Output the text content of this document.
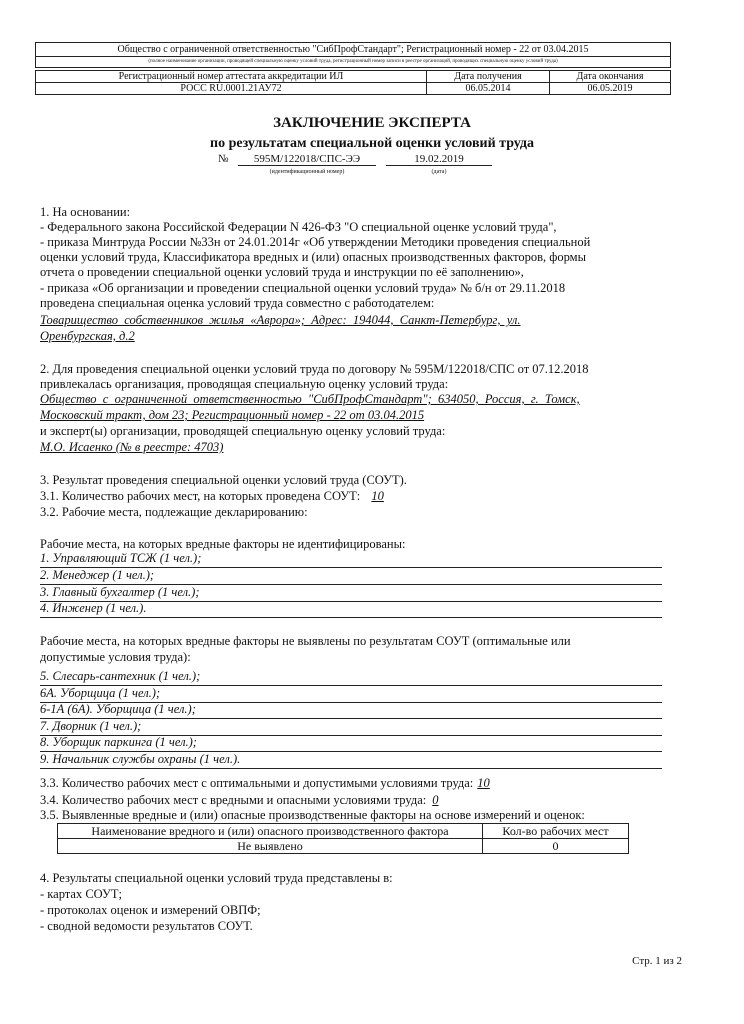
Общество с ограниченной ответственностью "СибПрофСтандарт"; Регистрационный номер - 22 от 03.04.2015
(полное наименование организации, проводящей специальную оценку условий труда, регистрационный номер записи в реестре организаций, проводящих специальную оценку условий труда)
Регистрационный номер аттестата аккредитации ИЛ	Дата получения	Дата окончания
РОСС RU.0001.21АУ72	06.05.2014	06.05.2019
ЗАКЛЮЧЕНИЕ ЭКСПЕРТА
по результатам специальной оценки условий труда
№	595М/122018/СПС-ЭЭ	19.02.2019
(идентификационный номер)	(дата)
1. На основании:
- Федерального закона Российской Федерации N 426-ФЗ "О специальной оценке условий труда",
- приказа Минтруда России №33н от 24.01.2014г «Об утверждении Методики проведения специальной
оценки условий труда, Классификатора вредных и (или) опасных производственных факторов, формы
отчета о проведении специальной оценки условий труда и инструкции по её заполнению»,
- приказа «Об организации и проведении специальной оценки условий труда» № б/н от 29.11.2018
проведена специальная оценка условий труда совместно с работодателем:
Товарищество  собственников  жилья  «Аврора»;  Адрес:  194044,  Санкт-Петербург,  ул.
Оренбургская, д.2
2. Для проведения специальной оценки условий труда по договору № 595М/122018/СПС от 07.12.2018
привлекалась организация, проводящая специальную оценку условий труда:
Общество  с  ограниченной  ответственностью  "СибПрофСтандарт";  634050,  Россия,  г.  Томск,
Московский тракт, дом 23; Регистрационный номер - 22 от 03.04.2015
и эксперт(ы) организации, проводящей специальную оценку условий труда:
М.О. Исаенко (№ в реестре: 4703)
3. Результат проведения специальной оценки условий труда (СОУТ).
3.1. Количество рабочих мест, на которых проведена СОУТ: 10
3.2. Рабочие места, подлежащие декларированию:
Рабочие места, на которых вредные факторы не идентифицированы:
1. Управляющий ТСЖ (1 чел.);
2. Менеджер (1 чел.);
3. Главный бухгалтер (1 чел.);
4. Инженер (1 чел.).
Рабочие места, на которых вредные факторы не выявлены по результатам СОУТ (оптимальные или
допустимые условия труда):
5. Слесарь-сантехник (1 чел.);
6А. Уборщица (1 чел.);
6-1А (6А). Уборщица (1 чел.);
7. Дворник (1 чел.);
8. Уборщик паркинга (1 чел.);
9. Начальник службы охраны (1 чел.).
3.3. Количество рабочих мест с оптимальными и допустимыми условиями труда: 10
3.4. Количество рабочих мест с вредными и опасными условиями труда: 0
3.5. Выявленные вредные и (или) опасные производственные факторы на основе измерений и оценок:
Наименование вредного и (или) опасного производственного фактора	Кол-во рабочих мест
Не выявлено	0
4. Результаты специальной оценки условий труда представлены в:
- картах СОУТ;
- протоколах оценок и измерений ОВПФ;
- сводной ведомости результатов СОУТ.
Стр. 1 из 2
